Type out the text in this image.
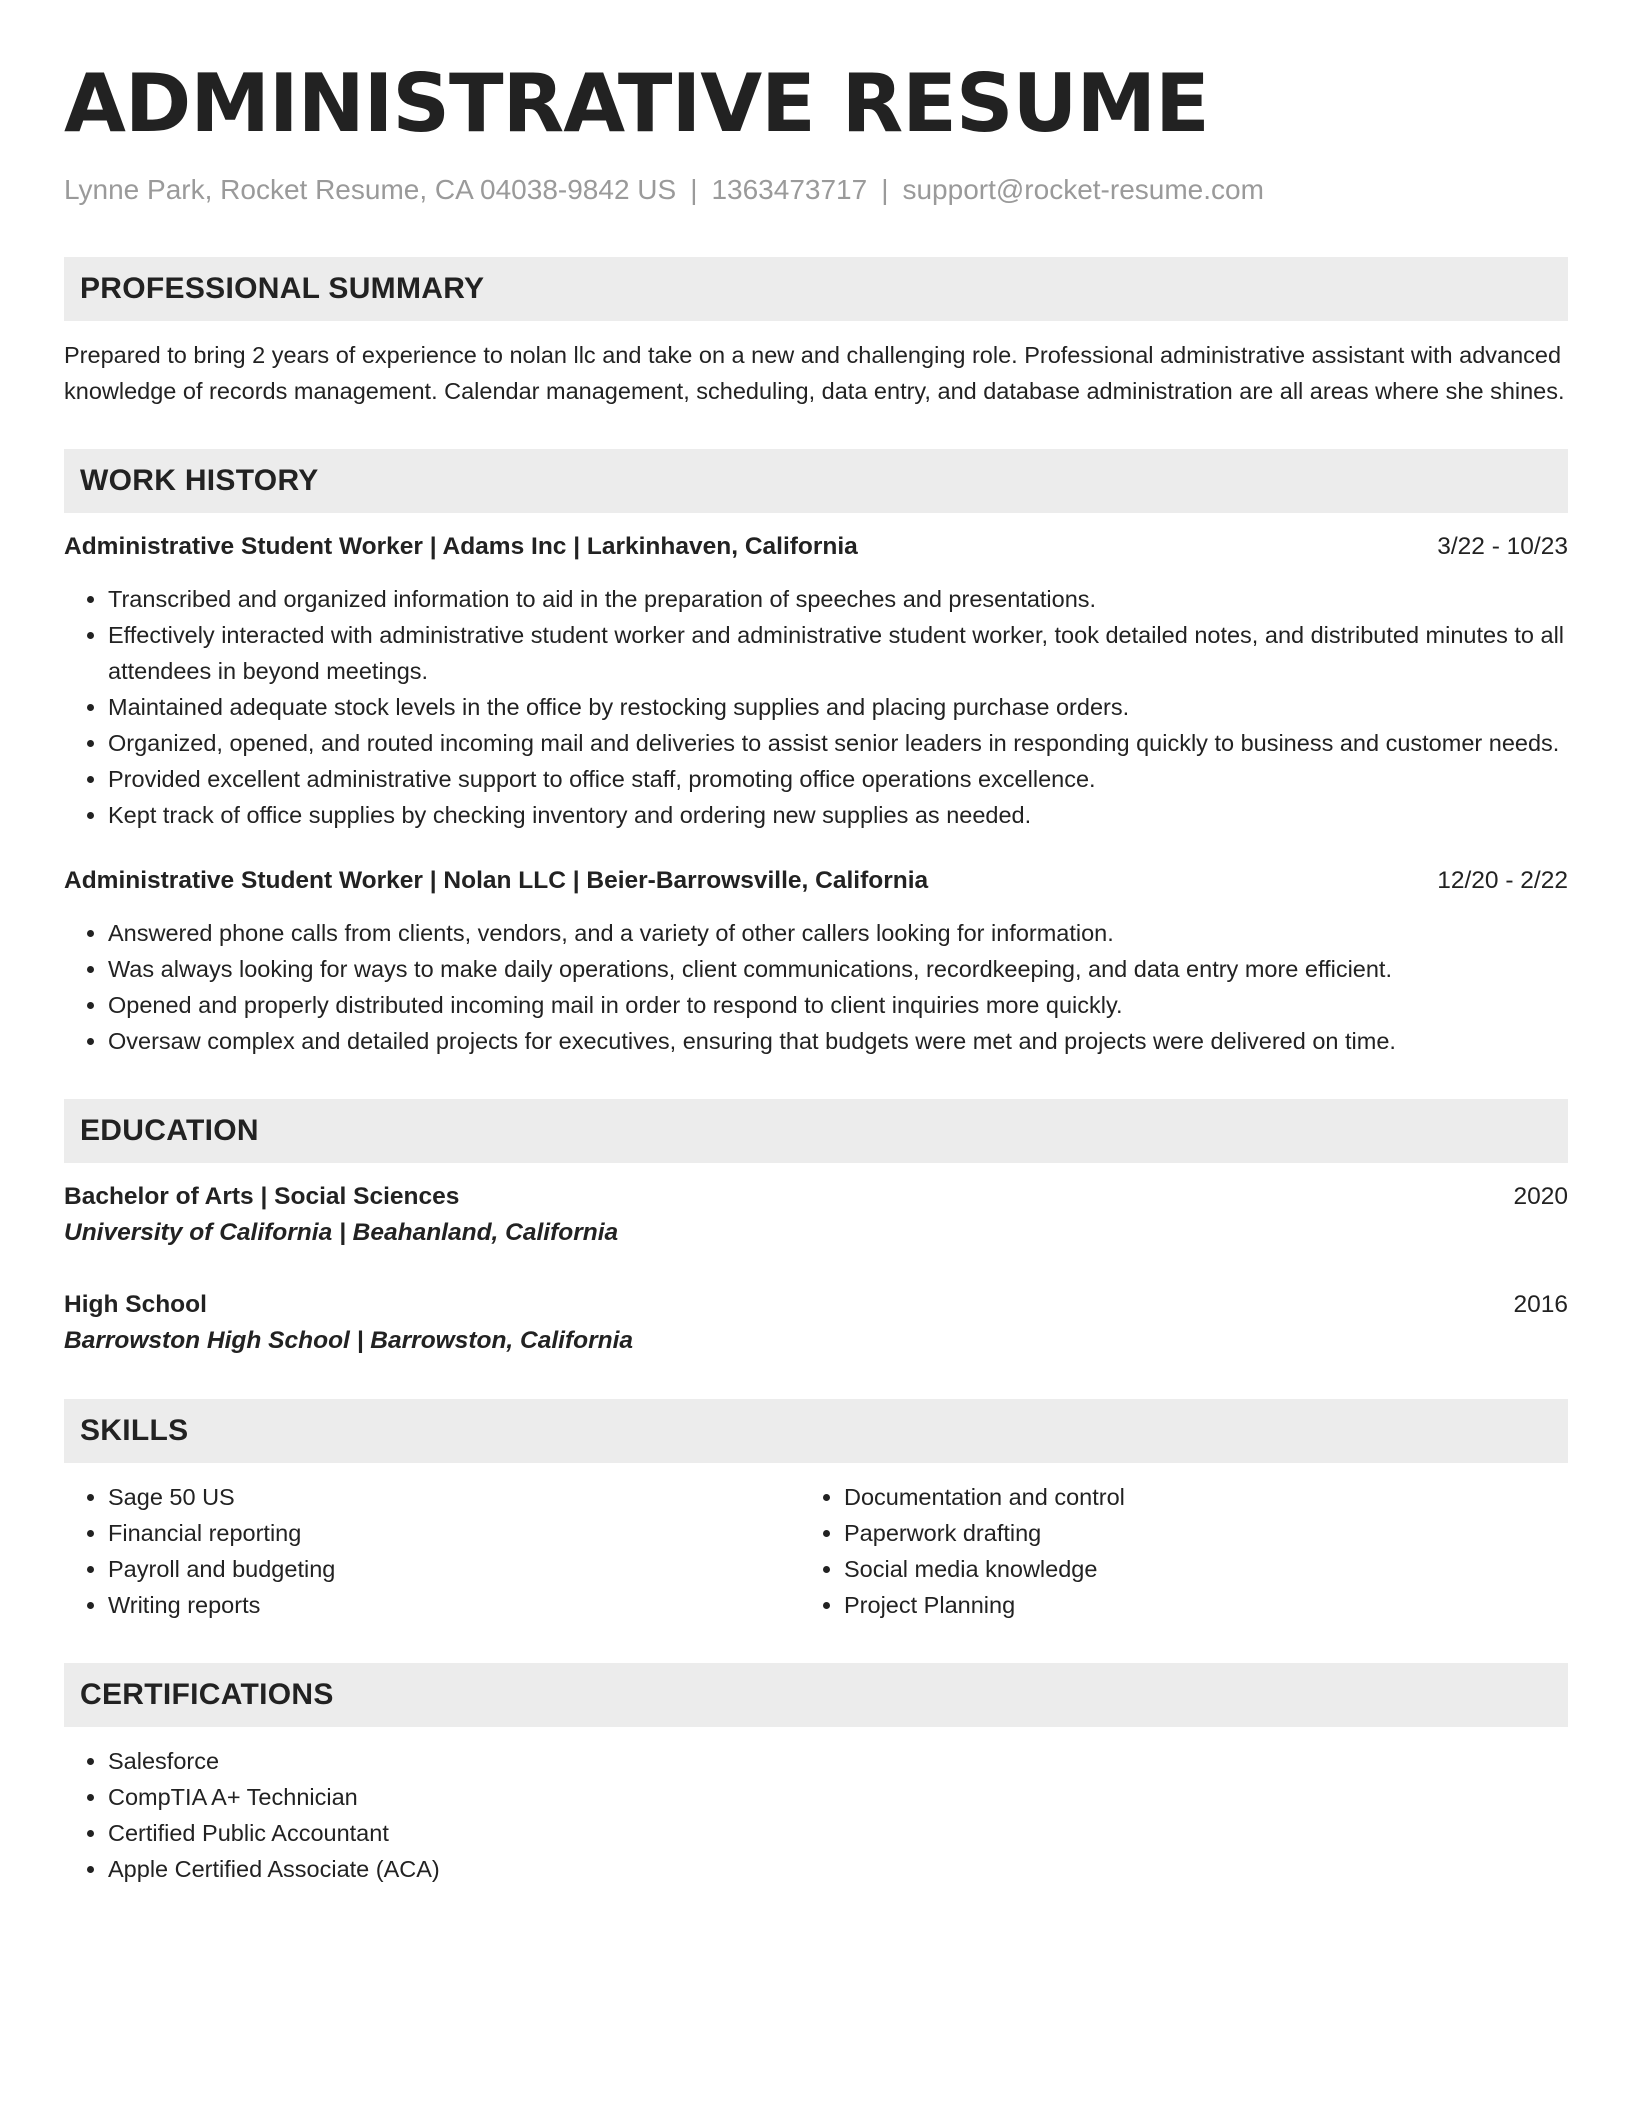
ADMINISTRATIVE RESUME
Lynne Park, Rocket Resume, CA 04038-9842 US | 1363473717 | support@rocket-resume.com
PROFESSIONAL SUMMARY
Prepared to bring 2 years of experience to nolan llc and take on a new and challenging role. Professional administrative assistant with advanced knowledge of records management. Calendar management, scheduling, data entry, and database administration are all areas where she shines.
WORK HISTORY
Administrative Student Worker | Adams Inc | Larkinhaven, California	3/22 - 10/23
• Transcribed and organized information to aid in the preparation of speeches and presentations.
• Effectively interacted with administrative student worker and administrative student worker, took detailed notes, and distributed minutes to all attendees in beyond meetings.
• Maintained adequate stock levels in the office by restocking supplies and placing purchase orders.
• Organized, opened, and routed incoming mail and deliveries to assist senior leaders in responding quickly to business and customer needs.
• Provided excellent administrative support to office staff, promoting office operations excellence.
• Kept track of office supplies by checking inventory and ordering new supplies as needed.
Administrative Student Worker | Nolan LLC | Beier-Barrowsville, California	12/20 - 2/22
• Answered phone calls from clients, vendors, and a variety of other callers looking for information.
• Was always looking for ways to make daily operations, client communications, recordkeeping, and data entry more efficient.
• Opened and properly distributed incoming mail in order to respond to client inquiries more quickly.
• Oversaw complex and detailed projects for executives, ensuring that budgets were met and projects were delivered on time.
EDUCATION
Bachelor of Arts | Social Sciences	2020
University of California | Beahanland, California
High School	2016
Barrowston High School | Barrowston, California
SKILLS
• Sage 50 US
• Financial reporting
• Payroll and budgeting
• Writing reports
• Documentation and control
• Paperwork drafting
• Social media knowledge
• Project Planning
CERTIFICATIONS
• Salesforce
• CompTIA A+ Technician
• Certified Public Accountant
• Apple Certified Associate (ACA)
